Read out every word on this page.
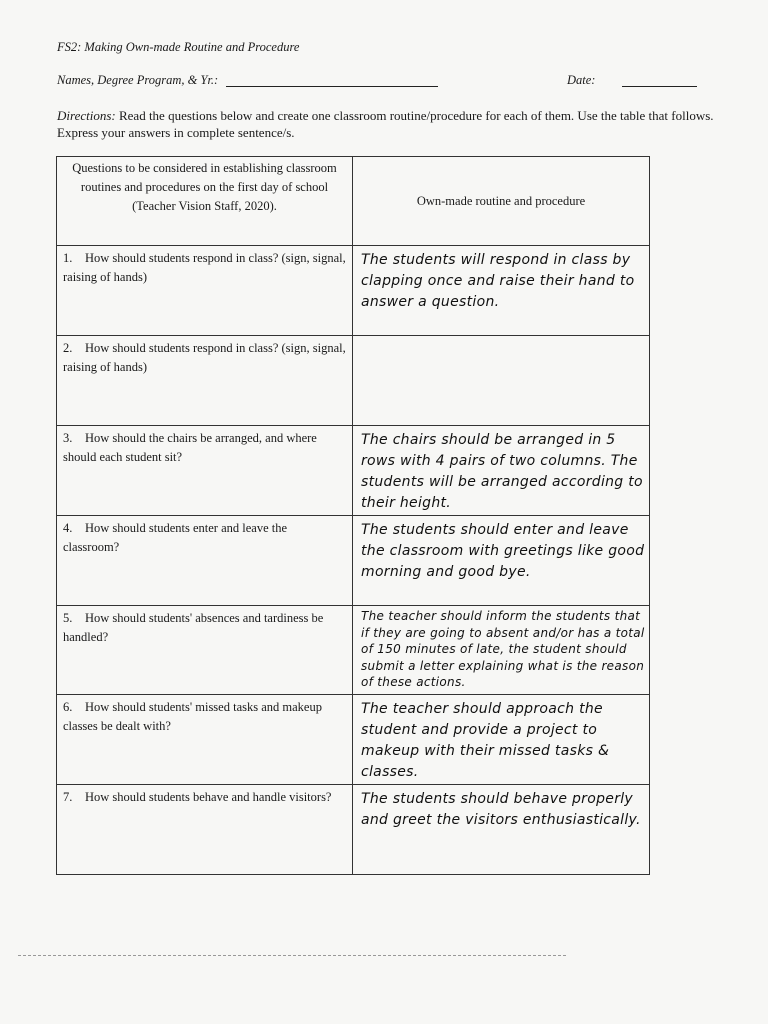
FS2: Making Own-made Routine and Procedure
Names, Degree Program, & Yr.:	Date:
Directions: Read the questions below and create one classroom routine/procedure for each of them. Use the table that follows. Express your answers in complete sentence/s.
Questions to be considered in establishing classroom routines and procedures on the first day of school (Teacher Vision Staff, 2020).	Own-made routine and procedure
1. How should students respond in class? (sign, signal, raising of hands)	The students will respond in class by clapping once and raise their hand to answer a question.
2. How should students respond in class? (sign, signal, raising of hands)	
3. How should the chairs be arranged, and where should each student sit?	The chairs should be arranged in 5 rows with 4 pairs of two columns. The students will be arranged according to their height.
4. How should students enter and leave the classroom?	The students should enter and leave the classroom with greetings like good morning and good bye.
5. How should students' absences and tardiness be handled?	The teacher should inform the students that if they are going to absent and/or has a total of 150 minutes of late, the student should submit a letter explaining what is the reason of these actions.
6. How should students' missed tasks and makeup classes be dealt with?	The teacher should approach the student and provide a project to makeup with their missed tasks & classes.
7. How should students behave and handle visitors?	The students should behave properly and greet the visitors enthusiastically.
